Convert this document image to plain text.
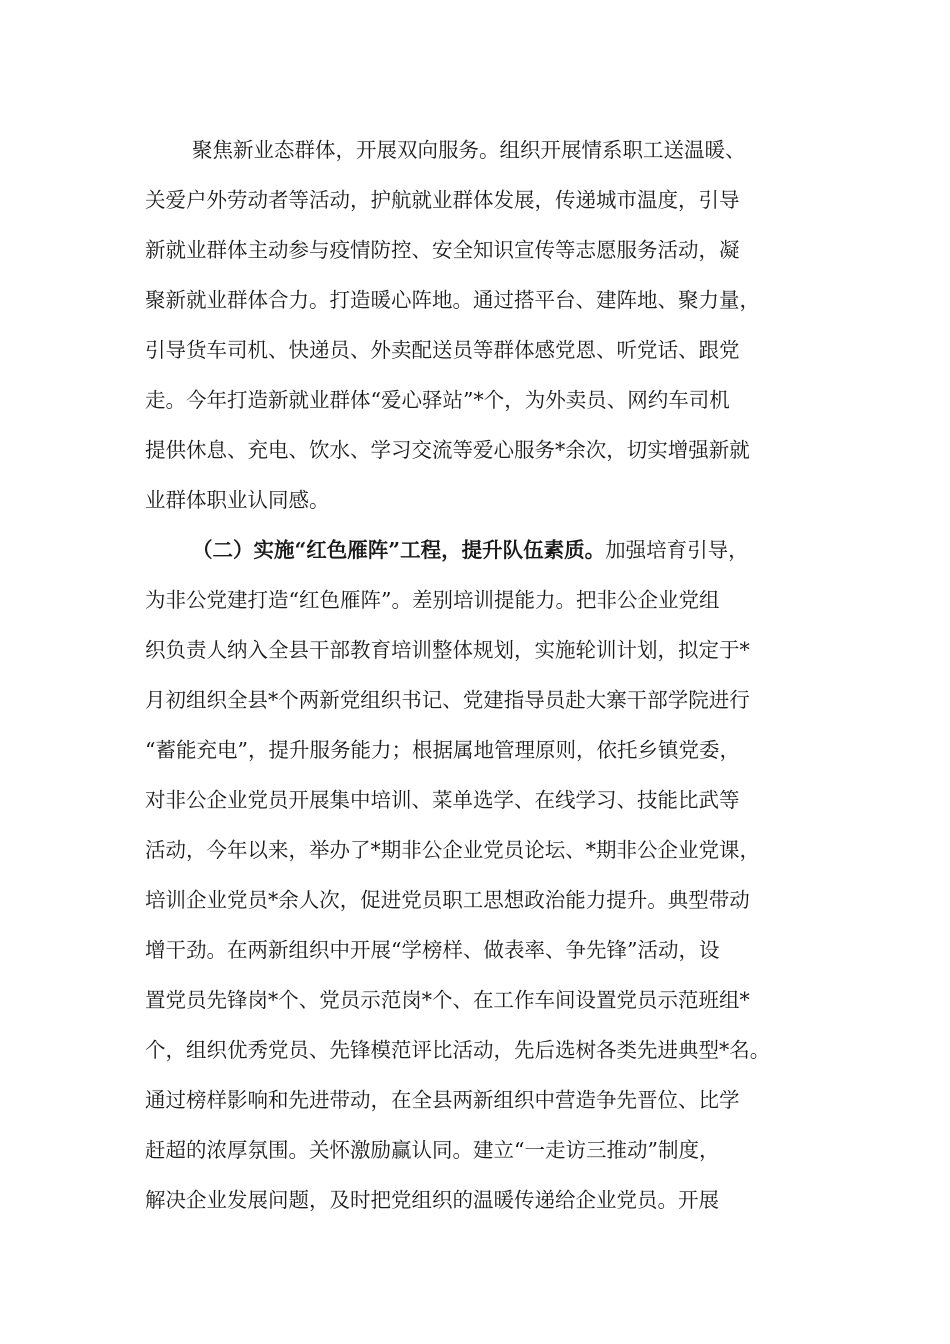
聚焦新业态群体，开展双向服务。组织开展情系职工送温暖、

关爱户外劳动者等活动，护航就业群体发展，传递城市温度，引导

新就业群体主动参与疫情防控、安全知识宣传等志愿服务活动，凝

聚新就业群体合力。打造暖心阵地。通过搭平台、建阵地、聚力量，

引导货车司机、快递员、外卖配送员等群体感党恩、听党话、跟党

走。今年打造新就业群体“爱心驿站”*个，为外卖员、网约车司机

提供休息、充电、饮水、学习交流等爱心服务*余次，切实增强新就

业群体职业认同感。

（二）实施“红色雁阵”工程，提升队伍素质。加强培育引导，

为非公党建打造“红色雁阵”。差别培训提能力。把非公企业党组

织负责人纳入全县干部教育培训整体规划，实施轮训计划，拟定于*

月初组织全县*个两新党组织书记、党建指导员赴大寨干部学院进行

“蓄能充电”，提升服务能力；根据属地管理原则，依托乡镇党委，

对非公企业党员开展集中培训、菜单选学、在线学习、技能比武等

活动，今年以来，举办了*期非公企业党员论坛、*期非公企业党课，

培训企业党员*余人次，促进党员职工思想政治能力提升。典型带动

增干劲。在两新组织中开展“学榜样、做表率、争先锋”活动，设

置党员先锋岗*个、党员示范岗*个、在工作车间设置党员示范班组*

个，组织优秀党员、先锋模范评比活动，先后选树各类先进典型*名。

通过榜样影响和先进带动，在全县两新组织中营造争先晋位、比学

赶超的浓厚氛围。关怀激励赢认同。建立“一走访三推动”制度，

解决企业发展问题，及时把党组织的温暖传递给企业党员。开展
